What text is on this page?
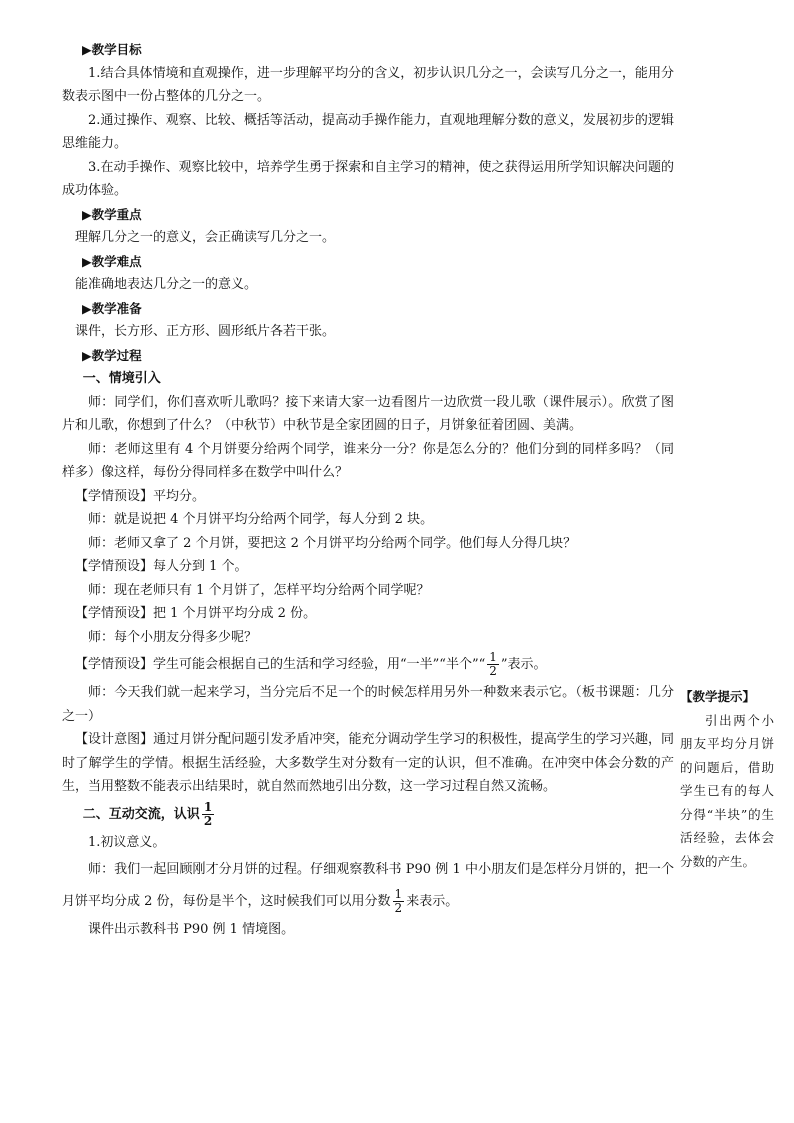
▶教学目标

1.结合具体情境和直观操作，进一步理解平均分的含义，初步认识几分之一，会读写几分之一，能用分数表示图中一份占整体的几分之一。

2.通过操作、观察、比较、概括等活动，提高动手操作能力，直观地理解分数的意义，发展初步的逻辑思维能力。

3.在动手操作、观察比较中，培养学生勇于探索和自主学习的精神，使之获得运用所学知识解决问题的成功体验。

▶教学重点

理解几分之一的意义，会正确读写几分之一。

▶教学难点

能准确地表达几分之一的意义。

▶教学准备

课件，长方形、正方形、圆形纸片各若干张。

▶教学过程

一、情境引入

师：同学们，你们喜欢听儿歌吗？接下来请大家一边看图片一边欣赏一段儿歌（课件展示）。欣赏了图片和儿歌，你想到了什么？（中秋节）中秋节是全家团圆的日子，月饼象征着团圆、美满。

师：老师这里有 4 个月饼要分给两个同学，谁来分一分？你是怎么分的？他们分到的同样多吗？（同样多）像这样，每份分得同样多在数学中叫什么？

【学情预设】平均分。

师：就是说把 4 个月饼平均分给两个同学，每人分到 2 块。

师：老师又拿了 2 个月饼，要把这 2 个月饼平均分给两个同学。他们每人分得几块？

【学情预设】每人分到 1 个。

师：现在老师只有 1 个月饼了，怎样平均分给两个同学呢？

【学情预设】把 1 个月饼平均分成 2 份。

师：每个小朋友分得多少呢？

【学情预设】学生可能会根据自己的生活和学习经验，用“一半”“半个”“ $\frac{1}{2}$ ”表示。

师：今天我们就一起来学习，当分完后不足一个的时候怎样用另外一种数来表示它。（板书课题：几分之一）

【设计意图】通过月饼分配问题引发矛盾冲突，能充分调动学生学习的积极性，提高学生的学习兴趣，同时了解学生的学情。根据生活经验，大多数学生对分数有一定的认识，但不准确。在冲突中体会分数的产生，当用整数不能表示出结果时，就自然而然地引出分数，这一学习过程自然又流畅。

二、互动交流，认识 $\frac{1}{2}$

1.初议意义。

师：我们一起回顾刚才分月饼的过程。仔细观察教科书 P90 例 1 中小朋友们是怎样分月饼的，把一个月饼平均分成 2 份，每份是半个，这时候我们可以用分数 $\frac{1}{2}$ 来表示。

课件出示教科书 P90 例 1 情境图。

【教学提示】

引出两个小朋友平均分月饼的问题后，借助学生已有的每人分得“半块”的生活经验，去体会分数的产生。
